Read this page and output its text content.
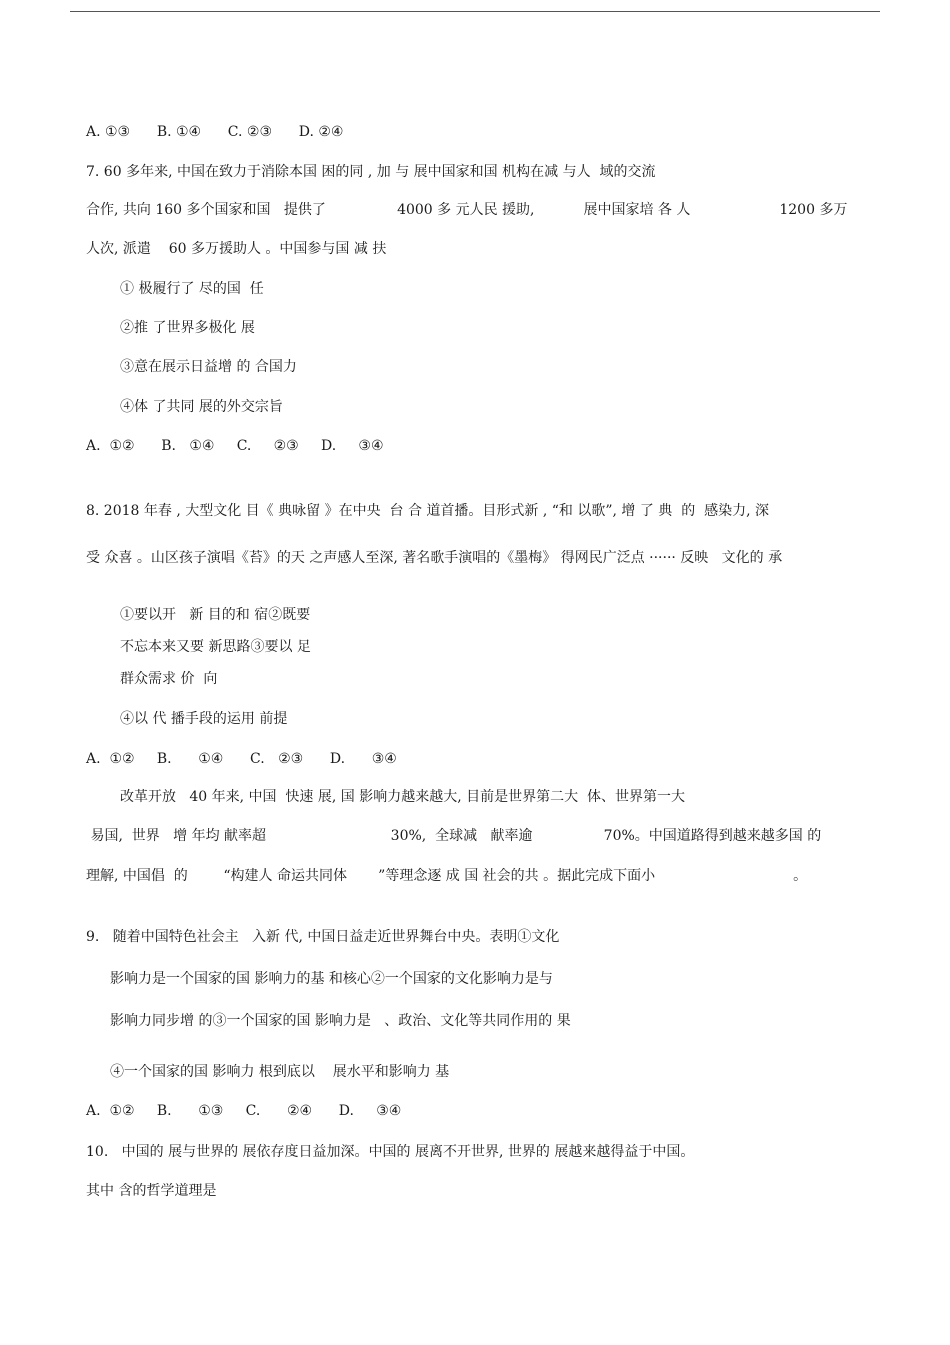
A. ①③      B. ①④      C. ②③      D. ②④
7. 60 多年来, 中国在致力于消除本国 困的同 , 加 与 展中国家和国 机构在减 与人  域的交流
合作, 共向 160 多个国家和国   提供了                4000 多 元人民 援助,           展中国家培 各 人                    1200 多万
人次, 派遣    60 多万援助人 。中国参与国 减 扶
① 极履行了 尽的国  任
②推 了世界多极化 展
③意在展示日益增 的 合国力
④体 了共同 展的外交宗旨
A.  ①②      B.   ①④     C.     ②③     D.     ③④
8. 2018 年春 , 大型文化 目《 典咏留 》在中央  台 合 道首播。目形式新 , “和 以歌”, 增 了 典  的  感染力, 深
受 众喜 。山区孩子演唱《苔》的天 之声感人至深, 著名歌手演唱的《墨梅》 得网民广泛点 ······ 反映   文化的 承
①要以开   新 目的和 宿②既要
不忘本来又要 新思路③要以 足
群众需求 价  向
④以 代 播手段的运用 前提
A.  ①②     B.      ①④      C.   ②③      D.      ③④
改革开放   40 年来, 中国  快速 展, 国 影响力越来越大, 目前是世界第二大  体、世界第一大
易国,  世界   增 年均 献率超                            30%,  全球减   献率逾                70%。中国道路得到越来越多国 的
理解, 中国倡  的        “构建人 命运共同体       ”等理念逐 成 国 社会的共 。据此完成下面小                               。
9.   随着中国特色社会主   入新 代, 中国日益走近世界舞台中央。表明①文化
影响力是一个国家的国 影响力的基 和核心②一个国家的文化影响力是与
影响力同步增 的③一个国家的国 影响力是   、政治、文化等共同作用的 果
④一个国家的国 影响力 根到底以    展水平和影响力 基
A.  ①②     B.      ①③     C.      ②④      D.     ③④
10.   中国的 展与世界的 展依存度日益加深。中国的 展离不开世界, 世界的 展越来越得益于中国。
其中 含的哲学道理是
